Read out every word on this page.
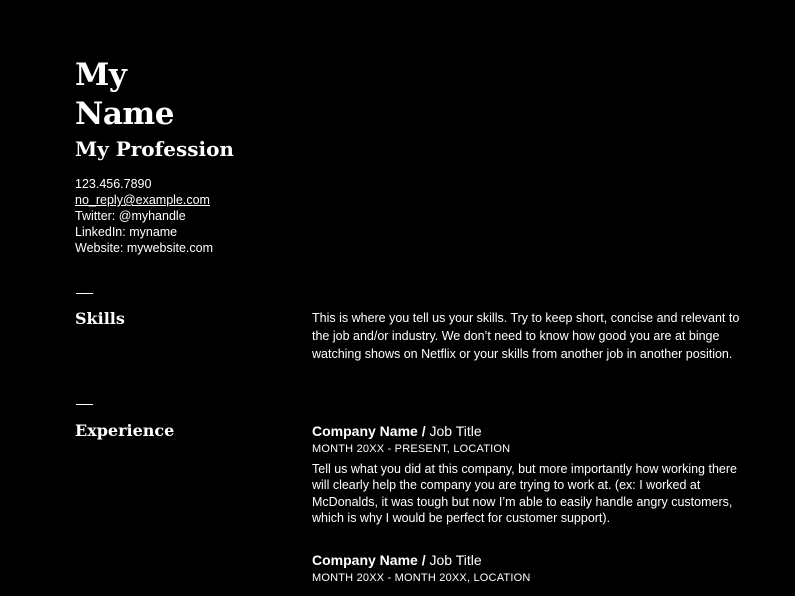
My
Name
My Profession
123.456.7890
no_reply@example.com
Twitter: @myhandle
LinkedIn: myname
Website: mywebsite.com
Skills	This is where you tell us your skills. Try to keep short, concise and relevant to the job and/or industry. We don’t need to know how good you are at binge watching shows on Netflix or your skills from another job in another position.
Experience	Company Name / Job Title
MONTH 20XX - PRESENT, LOCATION
Tell us what you did at this company, but more importantly how working there will clearly help the company you are trying to work at. (ex: I worked at McDonalds, it was tough but now I’m able to easily handle angry customers, which is why I would be perfect for customer support).
Company Name / Job Title
MONTH 20XX - MONTH 20XX, LOCATION
